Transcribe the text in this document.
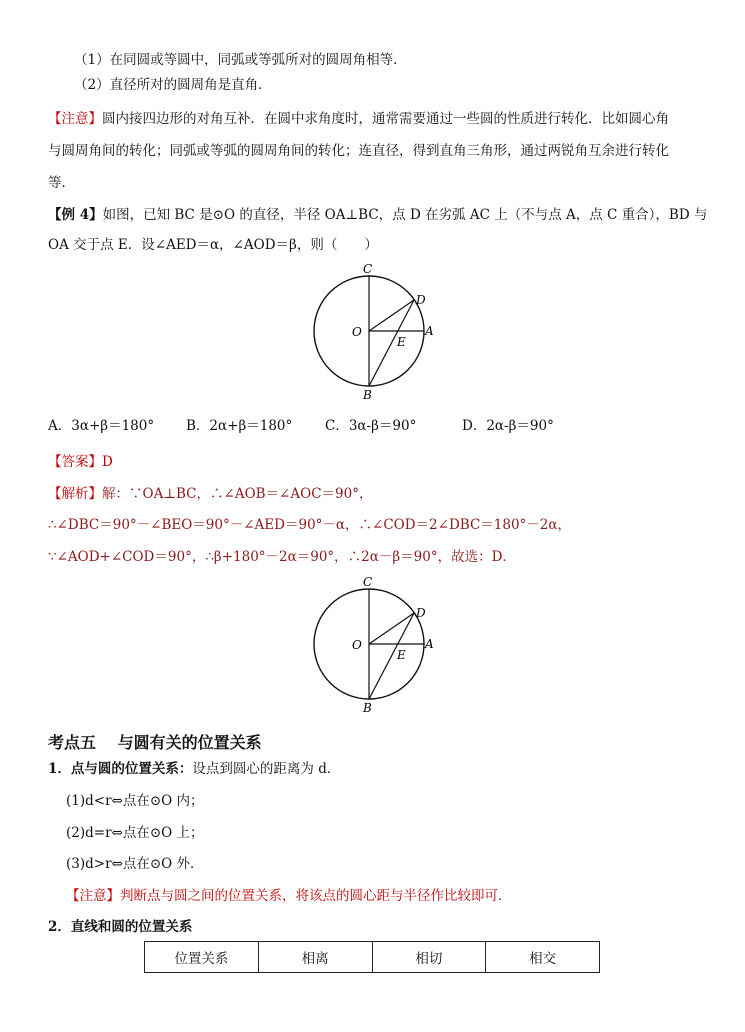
（1）在同圆或等圆中，同弧或等弧所对的圆周角相等．
（2）直径所对的圆周角是直角．
【注意】圆内接四边形的对角互补．在圆中求角度时，通常需要通过一些圆的性质进行转化．比如圆心角
与圆周角间的转化；同弧或等弧的圆周角间的转化；连直径，得到直角三角形，通过两锐角互余进行转化
等．
【例 4】如图，已知 BC 是⊙O 的直径，半径 OA⊥BC，点 D 在劣弧 AC 上（不与点 A，点 C 重合），BD 与
OA 交于点 E．设∠AED＝α，∠AOD＝β，则（　　）
C
D
O	A
E
B
A．3α+β＝180° B．2α+β＝180° C．3α-β＝90°	D．2α-β＝90°
【答案】D
【解析】解：∵OA⊥BC，∴∠AOB＝∠AOC＝90°，
∴∠DBC＝90°－∠BEO＝90°－∠AED＝90°－α，∴∠COD＝2∠DBC＝180°－2α，
∵∠AOD+∠COD＝90°，∴β+180°－2α＝90°，∴2α－β＝90°，故选：D．
C
D
O	A
E
B
考点五　 与圆有关的位置关系
1．点与圆的位置关系：设点到圆心的距离为 d．
(1)d<r⇔点在⊙O 内；
(2)d=r⇔点在⊙O 上；
(3)d>r⇔点在⊙O 外．
【注意】判断点与圆之间的位置关系，将该点的圆心距与半径作比较即可．
2．直线和圆的位置关系
位置关系	相离	相切	相交
